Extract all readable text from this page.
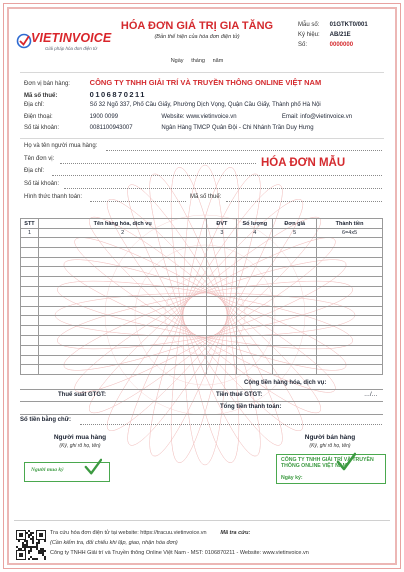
VIETINVOICE
Giải pháp hóa đơn điện tử
HÓA ĐƠN GIÁ TRỊ GIA TĂNG
(Bản thể hiện của hóa đơn điện tử)
Ngày tháng năm
Mẫu số: 01GTKT0/001
Ký hiệu: AB/21E
Số:	0000000
Đơn vị bán hàng:	CÔNG TY TNHH GIẢI TRÍ VÀ TRUYỀN THÔNG ONLINE VIỆT NAM
Mã số thuế:	0106870211
Địa chỉ:	Số 32 Ngõ 337, Phố Cầu Giấy, Phường Dịch Vọng, Quận Cầu Giấy, Thành phố Hà Nội
Điện thoại:	1900 0099	Website: www.vietinvoice.vn	Email: info@vietinvoice.vn
Số tài khoản:	0081100943007	Ngân Hàng TMCP Quân Đội - Chi Nhánh Trần Duy Hưng
Họ và tên người mua hàng:
Tên đơn vị:	HÓA ĐƠN MẪU
Địa chỉ:
Số tài khoản:
Hình thức thanh toán:	Mã số thuế:
STT	Tên hàng hóa, dịch vụ	ĐVT	Số lượng	Đơn giá	Thành tiền
1	2	3	4	5	6=4x5

Cộng tiền hàng hóa, dịch vụ:
Thuế suất GTGT:	Tiền thuế GTGT:	…/…
Tổng tiền thanh toán:
Số tiền bằng chữ:
Người mua hàng
(Ký, ghi rõ họ, tên)
Người mua ký
Người bán hàng
(Ký, ghi rõ họ, tên)
CÔNG TY TNHH GIẢI TRÍ VÀ TRUYỀN THÔNG ONLINE VIỆT NAM
Ngày ký:
Tra cứu hóa đơn điện tử tại website: https://tracuu.vietinvoice.vn	Mã tra cứu:
(Cần kiểm tra, đối chiếu khi lập, giao, nhận hóa đơn)
Công ty TNHH Giải trí và Truyền thông Online Việt Nam - MST: 0106870211 - Website: www.vietinvoice.vn
